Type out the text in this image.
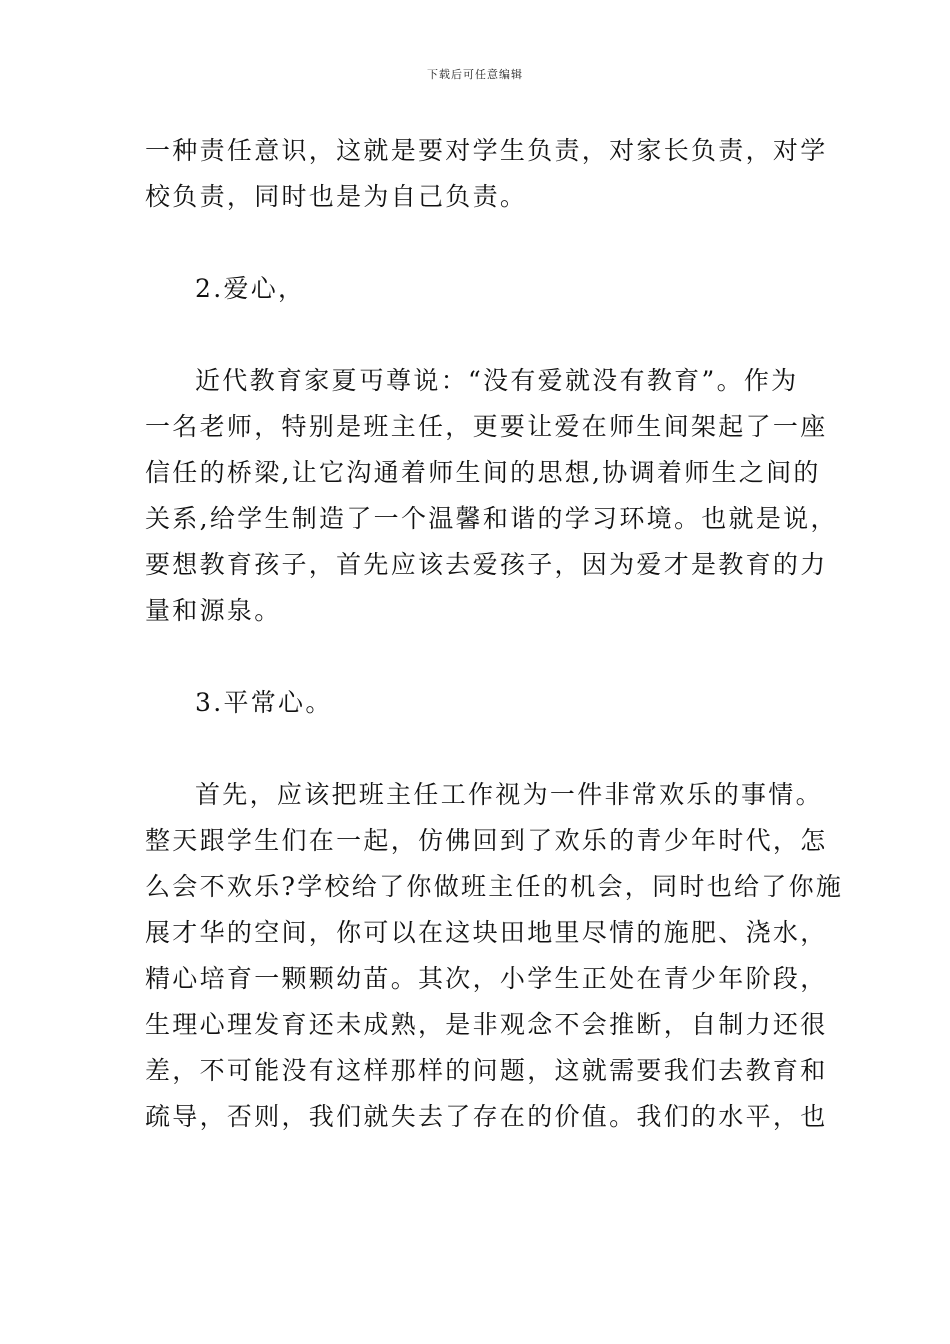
下载后可任意编辑
一种责任意识，这就是要对学生负责，对家长负责，对学
校负责，同时也是为自己负责。
2.爱心，
近代教育家夏丏尊说：“没有爱就没有教育”。作为
一名老师，特别是班主任，更要让爱在师生间架起了一座
信任的桥梁,让它沟通着师生间的思想,协调着师生之间的
关系,给学生制造了一个温馨和谐的学习环境。也就是说，
要想教育孩子，首先应该去爱孩子，因为爱才是教育的力
量和源泉。
3.平常心。
首先，应该把班主任工作视为一件非常欢乐的事情。
整天跟学生们在一起，仿佛回到了欢乐的青少年时代，怎
么会不欢乐?学校给了你做班主任的机会，同时也给了你施
展才华的空间，你可以在这块田地里尽情的施肥、浇水，
精心培育一颗颗幼苗。其次，小学生正处在青少年阶段，
生理心理发育还未成熟，是非观念不会推断，自制力还很
差，不可能没有这样那样的问题，这就需要我们去教育和
疏导，否则，我们就失去了存在的价值。我们的水平，也
